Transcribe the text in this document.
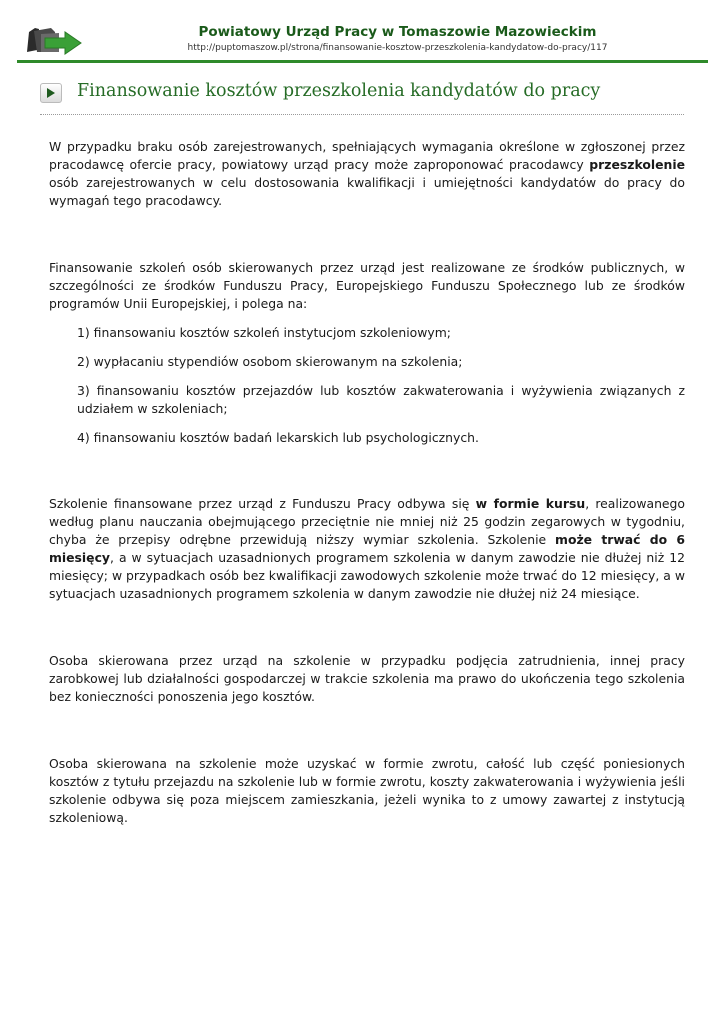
Powiatowy Urząd Pracy w Tomaszowie Mazowieckim
http://puptomaszow.pl/strona/finansowanie-kosztow-przeszkolenia-kandydatow-do-pracy/117
Finansowanie kosztów przeszkolenia kandydatów do pracy

W przypadku braku osób zarejestrowanych, spełniających wymagania określone w zgłoszonej przez pracodawcę ofercie pracy, powiatowy urząd pracy może zaproponować pracodawcy przeszkolenie osób zarejestrowanych w celu dostosowania kwalifikacji i umiejętności kandydatów do pracy do wymagań tego pracodawcy.

Finansowanie szkoleń osób skierowanych przez urząd jest realizowane ze środków publicznych, w szczególności ze środków Funduszu Pracy, Europejskiego Funduszu Społecznego lub ze środków programów Unii Europejskiej, i polega na:

1) finansowaniu kosztów szkoleń instytucjom szkoleniowym;

2) wypłacaniu stypendiów osobom skierowanym na szkolenia;

3) finansowaniu kosztów przejazdów lub kosztów zakwaterowania i wyżywienia związanych z udziałem w szkoleniach;

4) finansowaniu kosztów badań lekarskich lub psychologicznych.

Szkolenie finansowane przez urząd z Funduszu Pracy odbywa się w formie kursu, realizowanego według planu nauczania obejmującego przeciętnie nie mniej niż 25 godzin zegarowych w tygodniu, chyba że przepisy odrębne przewidują niższy wymiar szkolenia. Szkolenie może trwać do 6 miesięcy, a w sytuacjach uzasadnionych programem szkolenia w danym zawodzie nie dłużej niż 12 miesięcy; w przypadkach osób bez kwalifikacji zawodowych szkolenie może trwać do 12 miesięcy, a w sytuacjach uzasadnionych programem szkolenia w danym zawodzie nie dłużej niż 24 miesiące.

Osoba skierowana przez urząd na szkolenie w przypadku podjęcia zatrudnienia, innej pracy zarobkowej lub działalności gospodarczej w trakcie szkolenia ma prawo do ukończenia tego szkolenia bez konieczności ponoszenia jego kosztów.

Osoba skierowana na szkolenie może uzyskać w formie zwrotu, całość lub część poniesionych kosztów z tytułu przejazdu na szkolenie lub w formie zwrotu, koszty zakwaterowania i wyżywienia jeśli szkolenie odbywa się poza miejscem zamieszkania, jeżeli wynika to z umowy zawartej z instytucją szkoleniową.
